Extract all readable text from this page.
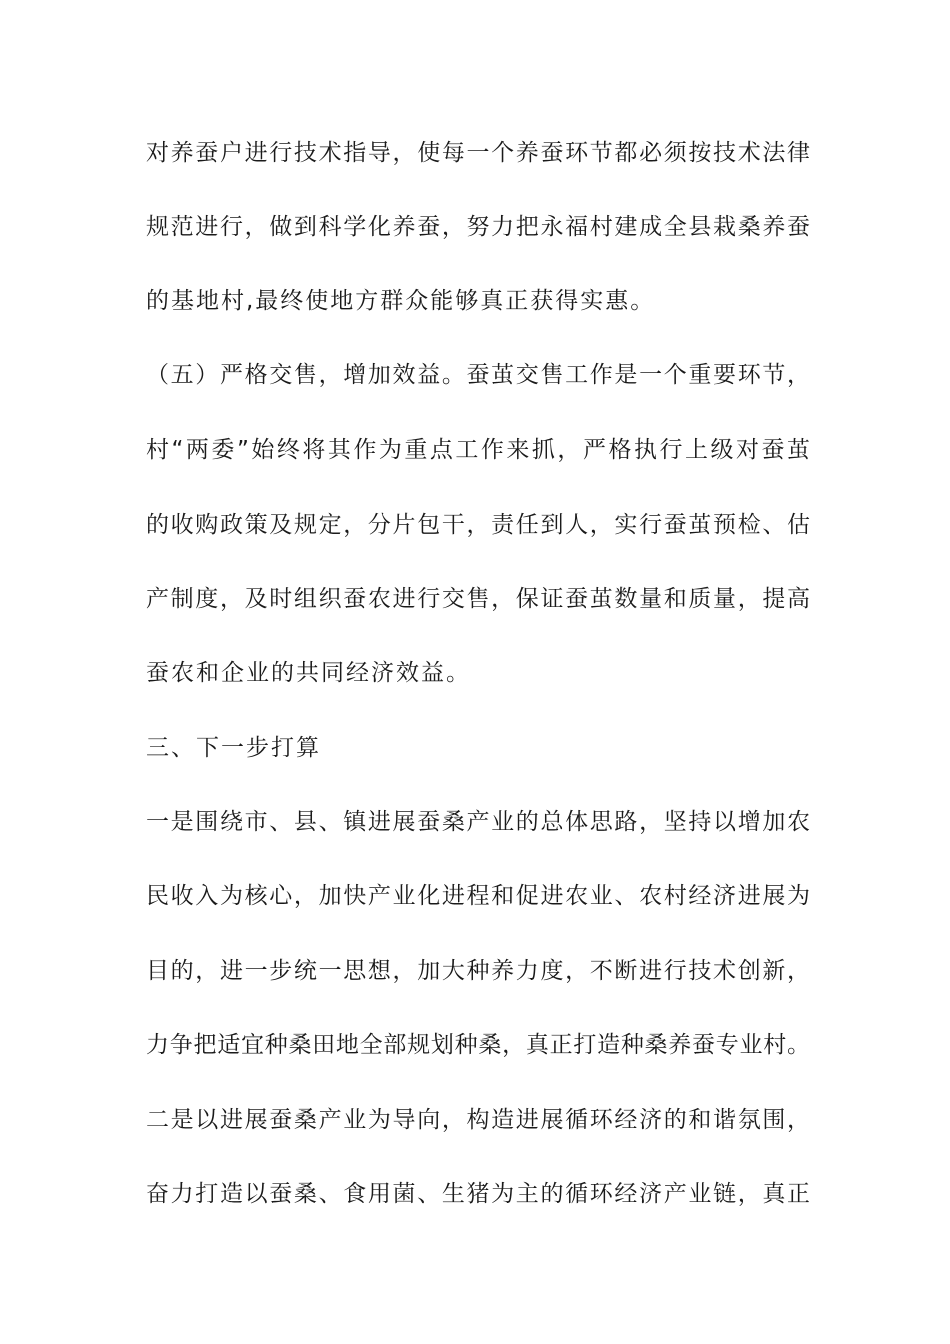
对养蚕户进行技术指导，使每一个养蚕环节都必须按技术法律
规范进行，做到科学化养蚕，努力把永福村建成全县栽桑养蚕
的基地村,最终使地方群众能够真正获得实惠。
（五）严格交售，增加效益。蚕茧交售工作是一个重要环节，
村“两委”始终将其作为重点工作来抓，严格执行上级对蚕茧
的收购政策及规定，分片包干，责任到人，实行蚕茧预检、估
产制度，及时组织蚕农进行交售，保证蚕茧数量和质量，提高
蚕农和企业的共同经济效益。
三、下一步打算
一是围绕市、县、镇进展蚕桑产业的总体思路，坚持以增加农
民收入为核心，加快产业化进程和促进农业、农村经济进展为
目的，进一步统一思想，加大种养力度，不断进行技术创新，
力争把适宜种桑田地全部规划种桑，真正打造种桑养蚕专业村。
二是以进展蚕桑产业为导向，构造进展循环经济的和谐氛围，
奋力打造以蚕桑、食用菌、生猪为主的循环经济产业链，真正
